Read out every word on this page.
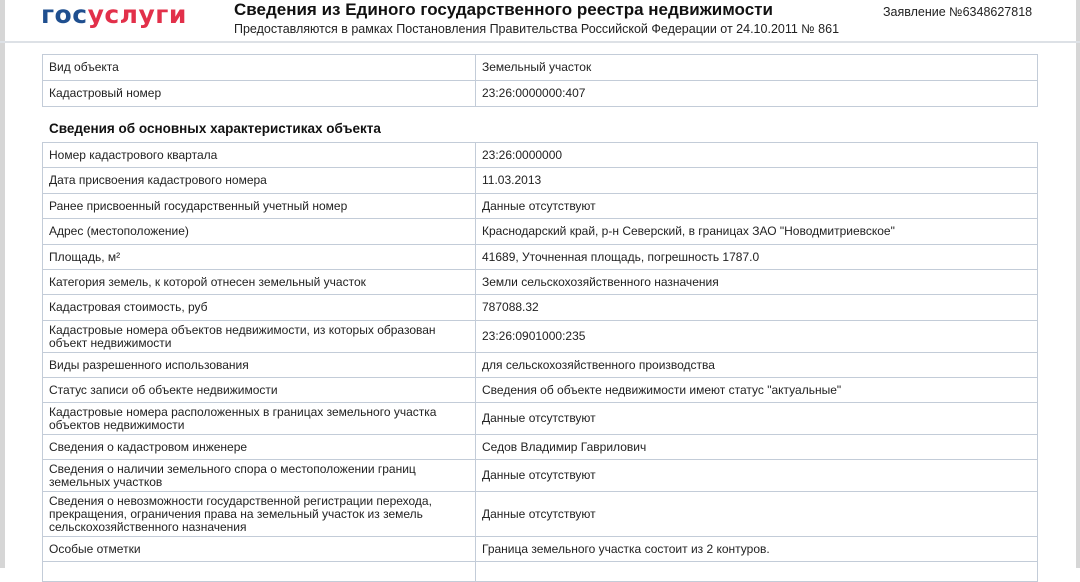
госуслуги	Сведения из Единого государственного реестра недвижимости
Предоставляются в рамках Постановления Правительства Российской Федерации от 24.10.2011 № 861
Заявление №6348627818
Вид объекта	Земельный участок
Кадастровый номер	23:26:0000000:407
Сведения об основных характеристиках объекта
Номер кадастрового квартала	23:26:0000000
Дата присвоения кадастрового номера	11.03.2013
Ранее присвоенный государственный учетный номер	Данные отсутствуют
Адрес (местоположение)	Краснодарский край, р-н Северский, в границах ЗАО "Новодмитриевское"
Площадь, м²	41689, Уточненная площадь, погрешность 1787.0
Категория земель, к которой отнесен земельный участок	Земли сельскохозяйственного назначения
Кадастровая стоимость, руб	787088.32
Кадастровые номера объектов недвижимости, из которых образован объект недвижимости	23:26:0901000:235
Виды разрешенного использования	для сельскохозяйственного производства
Статус записи об объекте недвижимости	Сведения об объекте недвижимости имеют статус "актуальные"
Кадастровые номера расположенных в границах земельного участка объектов недвижимости	Данные отсутствуют
Сведения о кадастровом инженере	Седов Владимир Гаврилович
Сведения о наличии земельного спора о местоположении границ земельных участков	Данные отсутствуют
Сведения о невозможности государственной регистрации перехода, прекращения, ограничения права на земельный участок из земель сельскохозяйственного назначения	Данные отсутствуют
Особые отметки	Граница земельного участка состоит из 2 контуров.
